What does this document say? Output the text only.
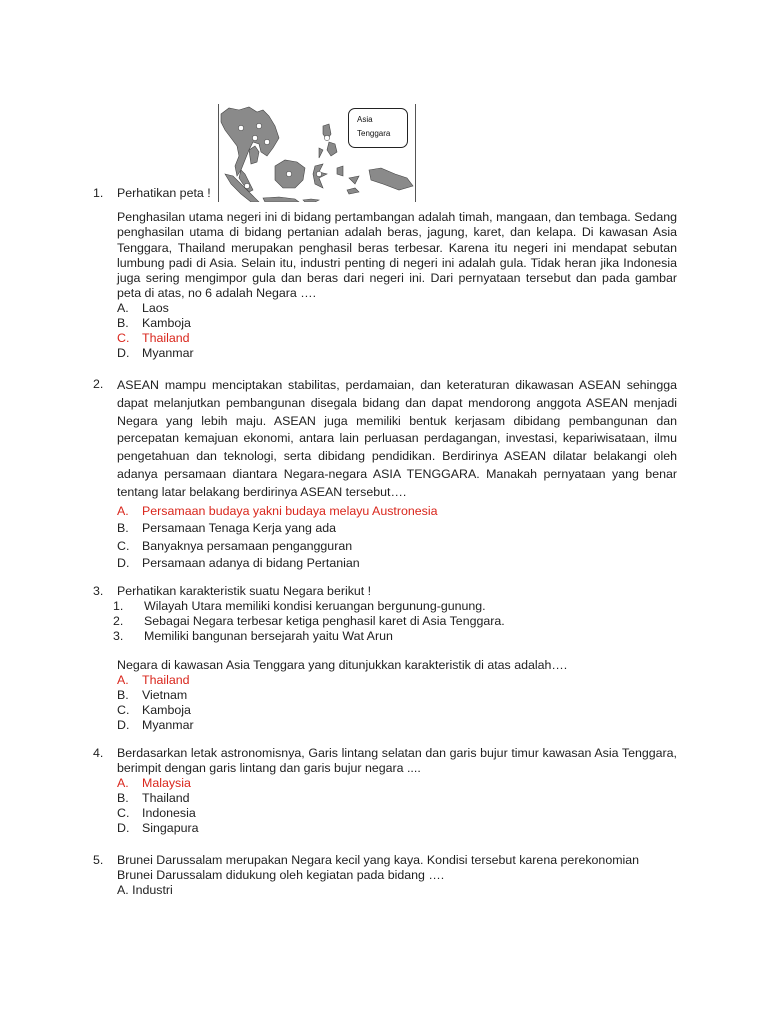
Asia
Tenggara
1.	Perhatikan peta !

Penghasilan utama negeri ini di bidang pertambangan adalah timah, mangaan, dan tembaga. Sedang penghasilan utama di bidang pertanian adalah beras, jagung, karet, dan kelapa. Di kawasan Asia Tenggara, Thailand merupakan penghasil beras terbesar. Karena itu negeri ini mendapat sebutan lumbung padi di Asia. Selain itu, industri penting di negeri ini adalah gula. Tidak heran jika Indonesia juga sering mengimpor gula dan beras dari negeri ini. Dari pernyataan tersebut dan pada gambar peta di atas, no 6 adalah Negara ….

A.	Laos
B.	Kamboja
C.	Thailand
D.	Myanmar
2.	ASEAN mampu menciptakan stabilitas, perdamaian, dan keteraturan dikawasan ASEAN sehingga dapat melanjutkan pembangunan disegala bidang dan dapat mendorong anggota ASEAN menjadi Negara yang lebih maju. ASEAN juga memiliki bentuk kerjasam dibidang pembangunan dan percepatan kemajuan ekonomi, antara lain perluasan perdagangan, investasi, kepariwisataan, ilmu pengetahuan dan teknologi, serta dibidang pendidikan. Berdirinya ASEAN dilatar belakangi oleh adanya persamaan diantara Negara-negara ASIA TENGGARA. Manakah pernyataan yang benar tentang latar belakang berdirinya ASEAN tersebut….

A.	Persamaan budaya yakni budaya melayu Austronesia
B.	Persamaan Tenaga Kerja yang ada
C.	Banyaknya persamaan pengangguran
D.	Persamaan adanya di bidang Pertanian
3.	Perhatikan karakteristik suatu Negara berikut !

1.	Wilayah Utara memiliki kondisi keruangan bergunung-gunung.
2.	Sebagai Negara terbesar ketiga penghasil karet di Asia Tenggara.
3.	Memiliki bangunan bersejarah yaitu Wat Arun

Negara di kawasan Asia Tenggara yang ditunjukkan karakteristik di atas adalah….

A.	Thailand
B.	Vietnam
C.	Kamboja
D.	Myanmar
4.	Berdasarkan letak astronomisnya, Garis lintang selatan dan garis bujur timur kawasan Asia Tenggara, berimpit dengan garis lintang dan garis bujur negara ....

A.	Malaysia
B.	Thailand
C.	Indonesia
D.	Singapura
5.	Brunei Darussalam merupakan Negara kecil yang kaya. Kondisi tersebut karena perekonomian

Brunei Darussalam didukung oleh kegiatan pada bidang ….

A. Industri
